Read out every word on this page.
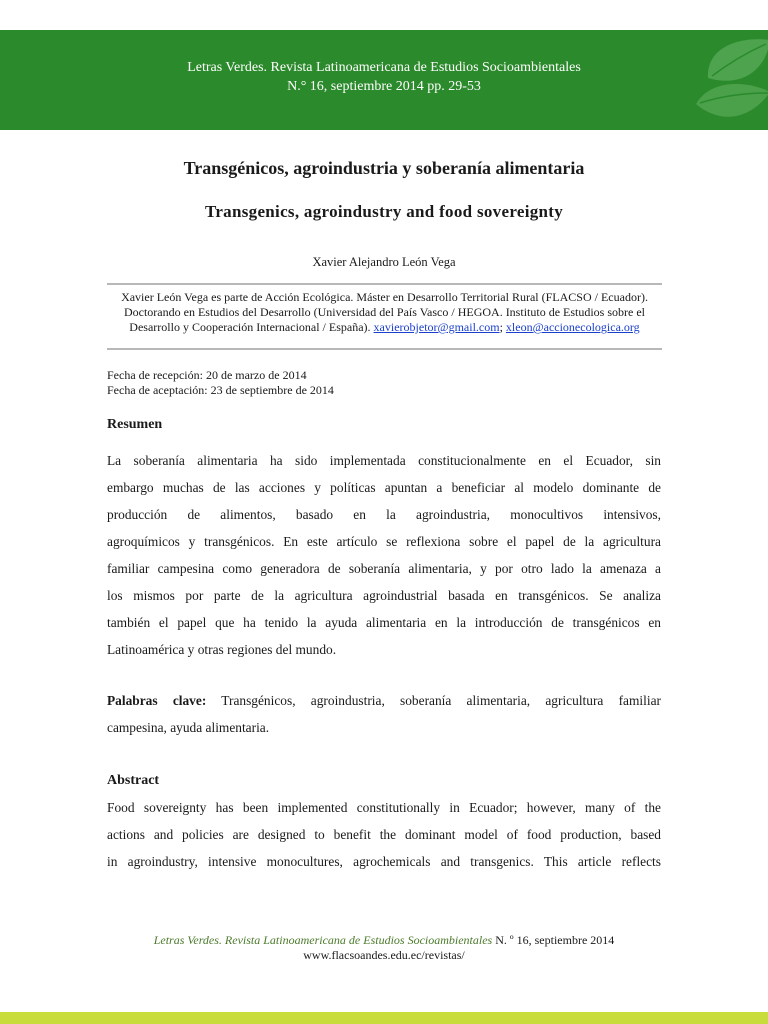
Letras Verdes. Revista Latinoamericana de Estudios Socioambientales
N.° 16, septiembre 2014 pp. 29-53
Transgénicos, agroindustria y soberanía alimentaria
Transgenics, agroindustry and food sovereignty
Xavier Alejandro León Vega
Xavier León Vega es parte de Acción Ecológica. Máster en Desarrollo Territorial Rural (FLACSO / Ecuador).
Doctorando en Estudios del Desarrollo (Universidad del País Vasco / HEGOA. Instituto de Estudios sobre el
Desarrollo y Cooperación Internacional / España). xavierobjetor@gmail.com; xleon@accionecologica.org
Fecha de recepción: 20 de marzo de 2014
Fecha de aceptación: 23 de septiembre de 2014
Resumen
La soberanía alimentaria ha sido implementada constitucionalmente en el Ecuador, sin
embargo muchas de las acciones y políticas apuntan a beneficiar al modelo dominante de
producción de alimentos, basado en la agroindustria, monocultivos intensivos,
agroquímicos y transgénicos. En este artículo se reflexiona sobre el papel de la agricultura
familiar campesina como generadora de soberanía alimentaria, y por otro lado la amenaza a
los mismos por parte de la agricultura agroindustrial basada en transgénicos. Se analiza
también el papel que ha tenido la ayuda alimentaria en la introducción de transgénicos en
Latinoamérica y otras regiones del mundo.
Palabras clave: Transgénicos, agroindustria, soberanía alimentaria, agricultura familiar
campesina, ayuda alimentaria.
Abstract
Food sovereignty has been implemented constitutionally in Ecuador; however, many of the
actions and policies are designed to benefit the dominant model of food production, based
in agroindustry, intensive monocultures, agrochemicals and transgenics. This article reflects
Letras Verdes. Revista Latinoamericana de Estudios Socioambientales N. º 16, septiembre 2014
www.flacsoandes.edu.ec/revistas/
